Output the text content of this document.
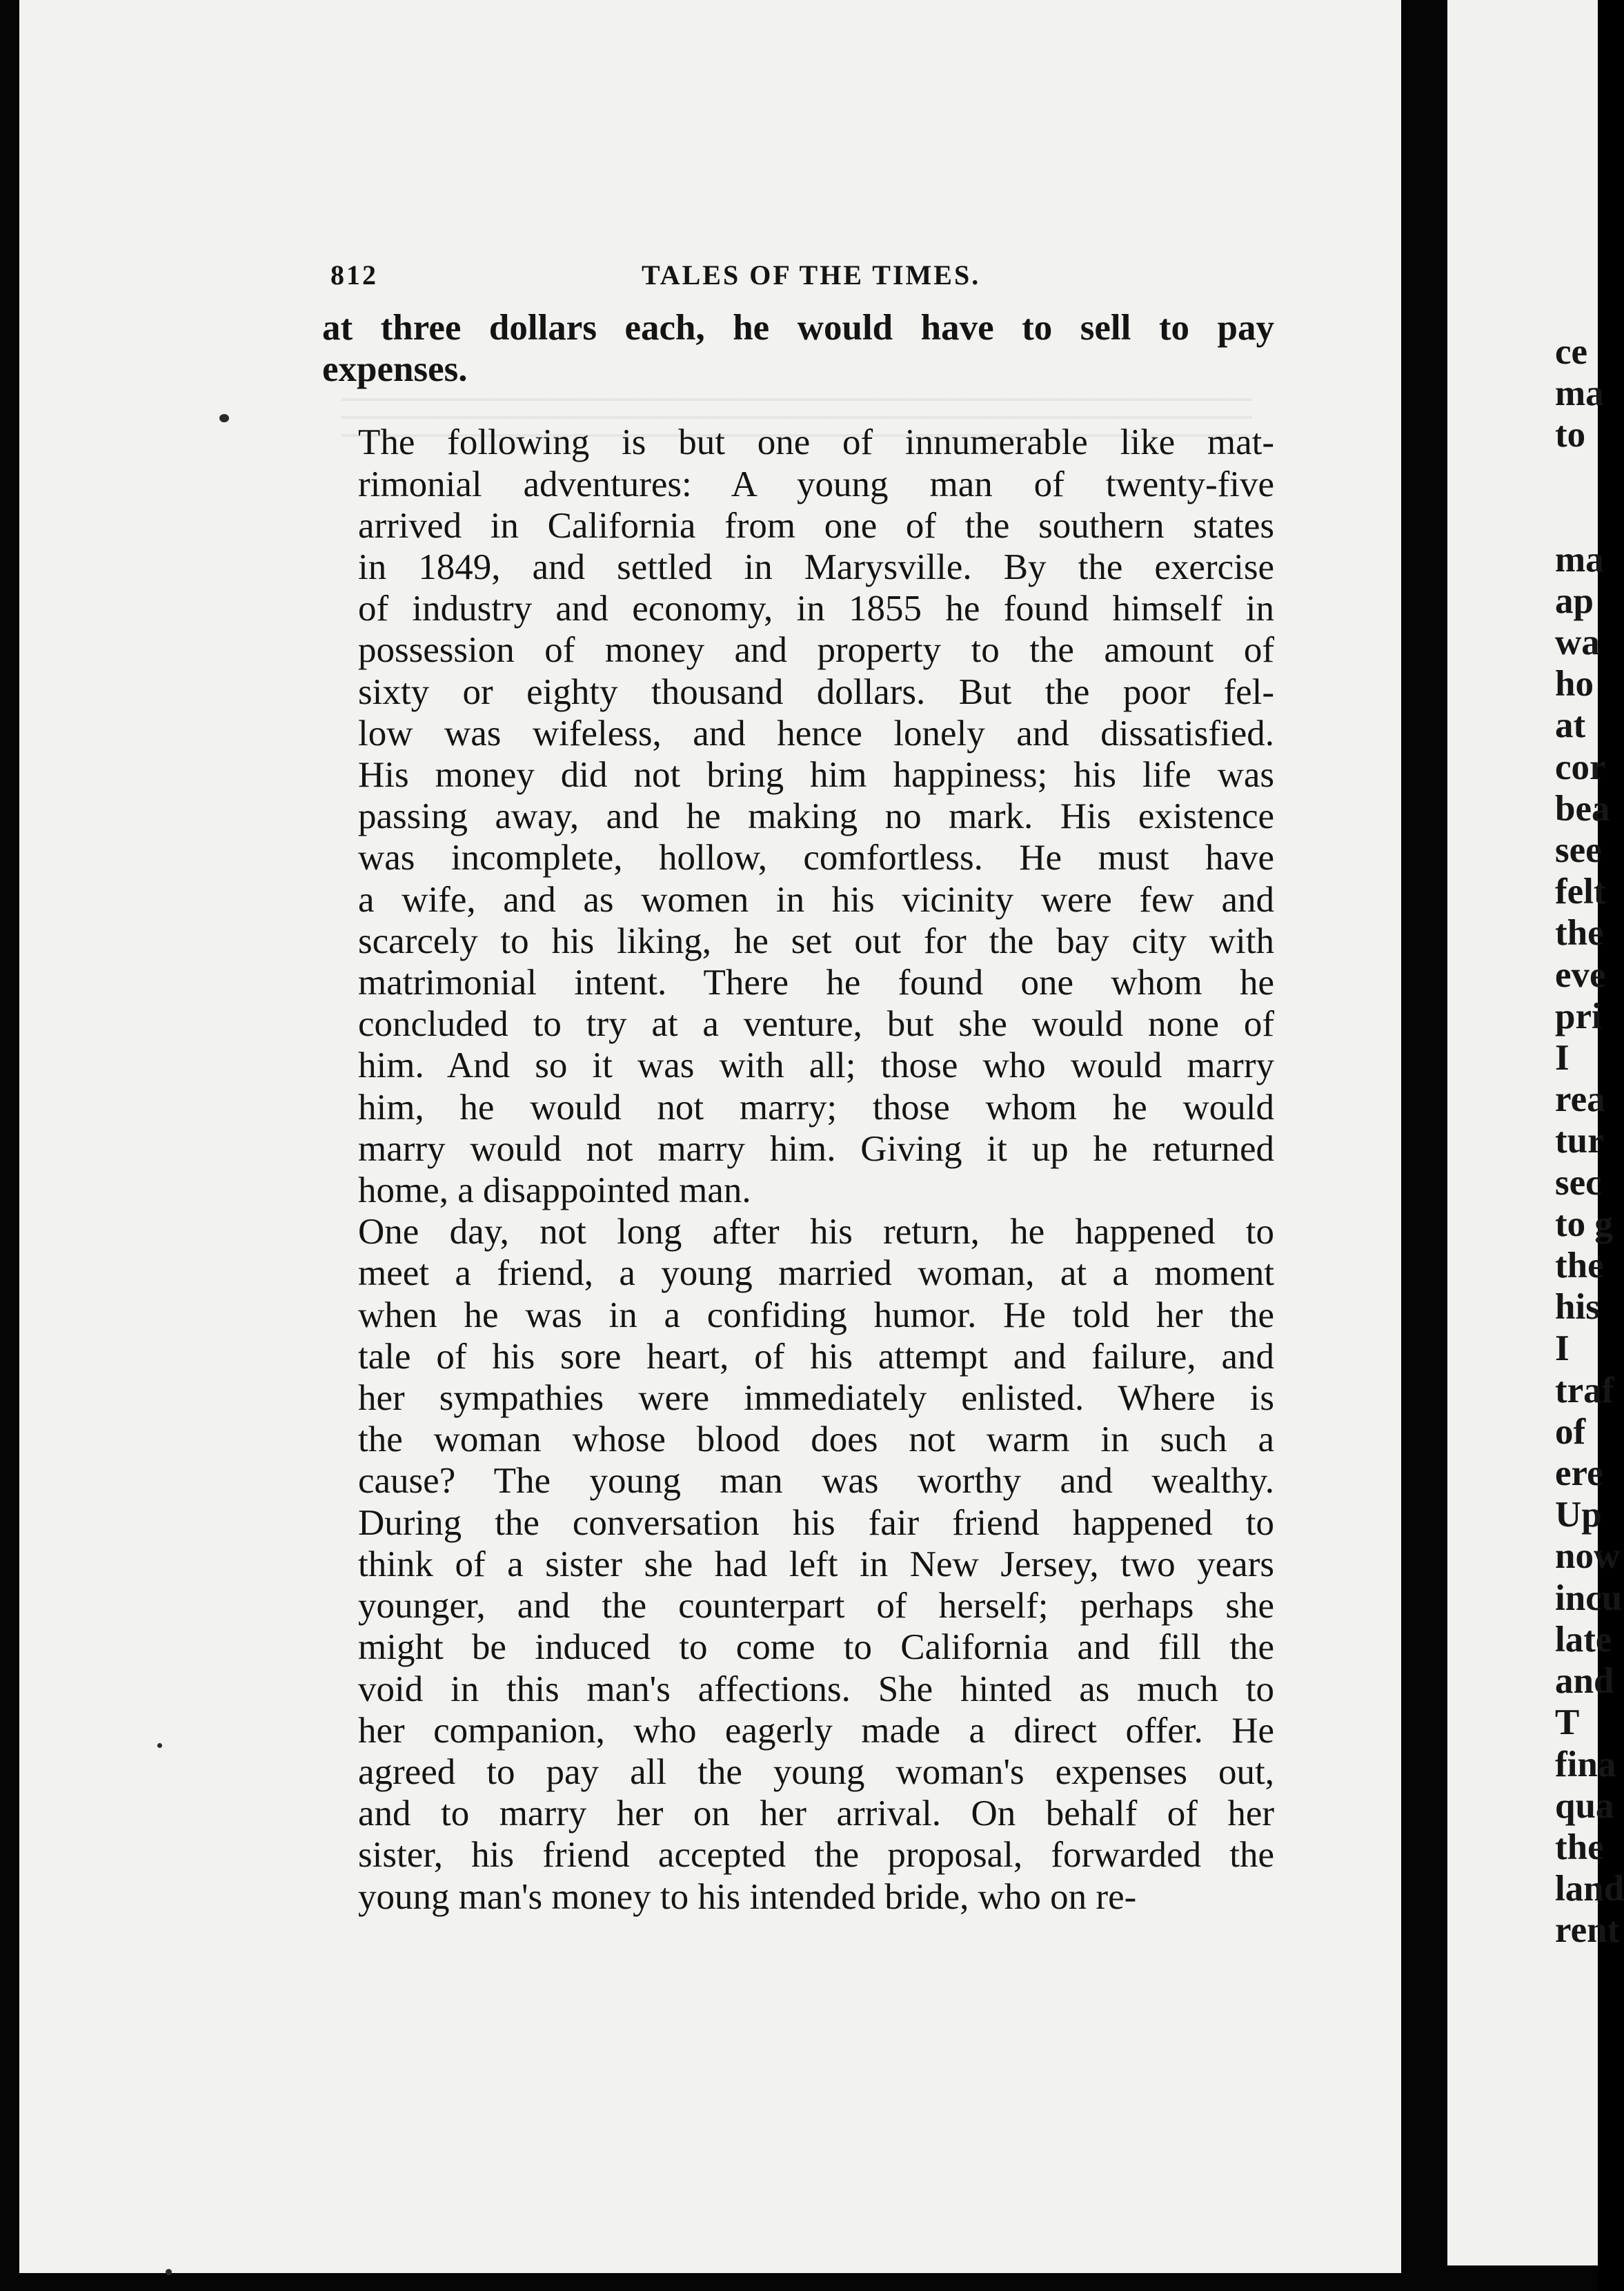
812	TALES OF THE TIMES.
at three dollars each, he would have to sell to pay
expenses.
The following is but one of innumerable like mat-
rimonial adventures: A young man of twenty-five
arrived in California from one of the southern states
in 1849, and settled in Marysville. By the exercise
of industry and economy, in 1855 he found himself in
possession of money and property to the amount of
sixty or eighty thousand dollars. But the poor fel-
low was wifeless, and hence lonely and dissatisfied.
His money did not bring him happiness; his life was
passing away, and he making no mark. His existence
was incomplete, hollow, comfortless. He must have
a wife, and as women in his vicinity were few and
scarcely to his liking, he set out for the bay city with
matrimonial intent. There he found one whom he
concluded to try at a venture, but she would none of
him. And so it was with all; those who would marry
him, he would not marry; those whom he would
marry would not marry him. Giving it up he returned
home, a disappointed man.
One day, not long after his return, he happened to
meet a friend, a young married woman, at a moment
when he was in a confiding humor. He told her the
tale of his sore heart, of his attempt and failure, and
her sympathies were immediately enlisted. Where is
the woman whose blood does not warm in such a
cause? The young man was worthy and wealthy.
During the conversation his fair friend happened to
think of a sister she had left in New Jersey, two years
younger, and the counterpart of herself; perhaps she
might be induced to come to California and fill the
void in this man's affections. She hinted as much to
her companion, who eagerly made a direct offer. He
agreed to pay all the young woman's expenses out,
and to marry her on her arrival. On behalf of her
sister, his friend accepted the proposal, forwarded the
young man's money to his intended bride, who on re-
ce
ma
to
ma
ap
wa
ho
at
cor
bea
see
felt
the
eve
pri
I
rea
tur
sec
to g
the
his
I
traf
of
ere
Up
now
incu
late
and
T
fina
qua
the
land
rent
